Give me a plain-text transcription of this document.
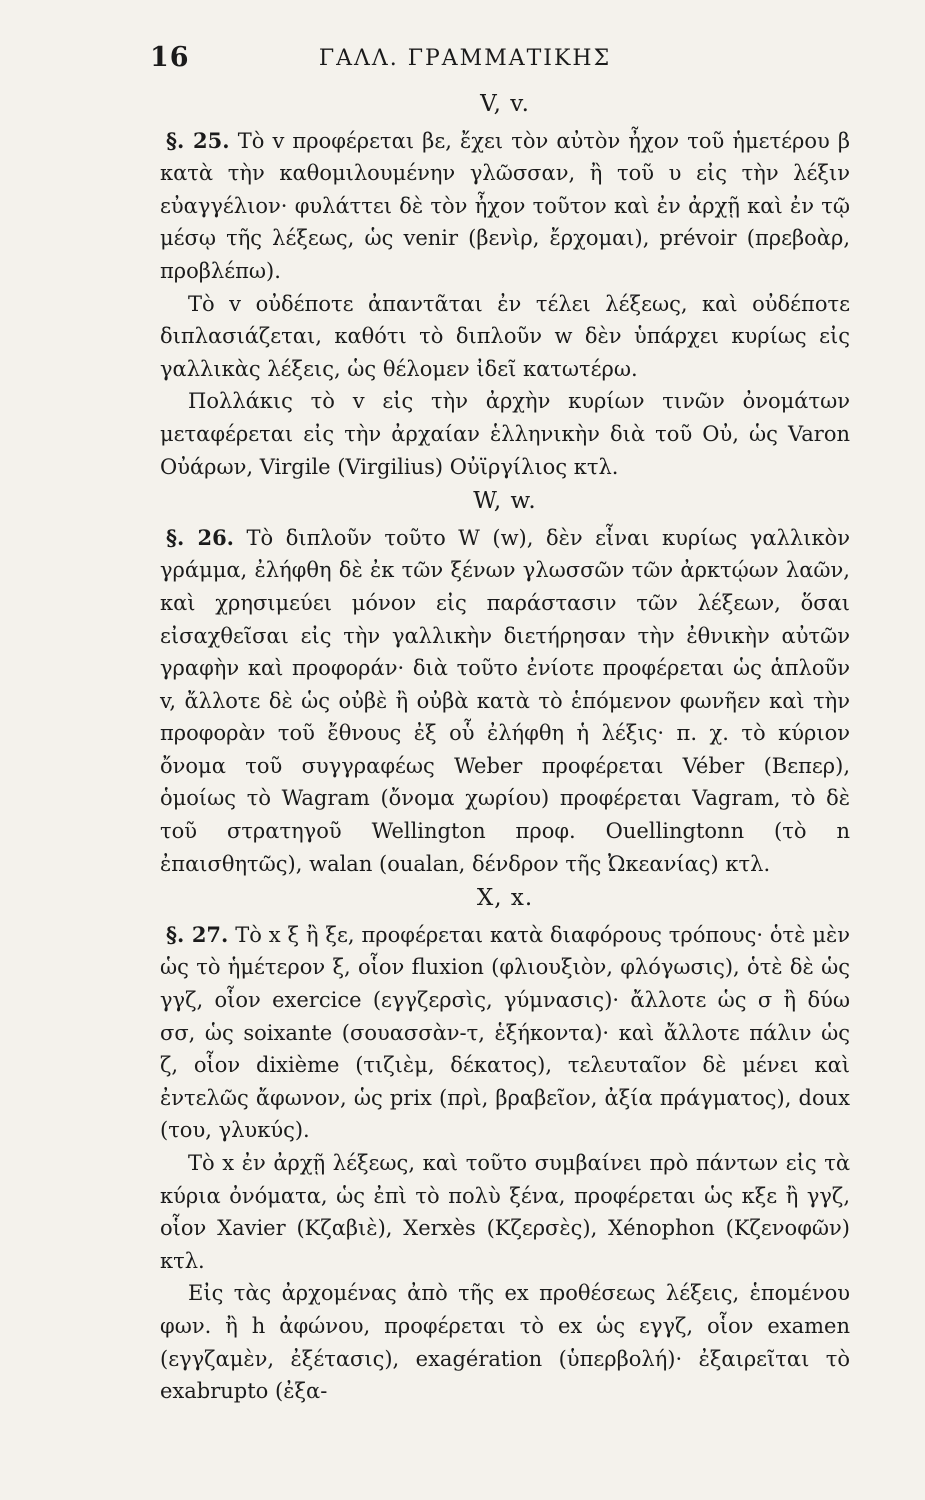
16	ΓΑΛΛ. ΓΡΑΜΜΑΤΙΚΗΣ
V, v.

§. 25. Τὸ v προφέρεται βε, ἔχει τὸν αὐτὸν ἦχον τοῦ ἡμετέρου β κατὰ τὴν καθομιλουμένην γλῶσσαν, ἢ τοῦ υ εἰς τὴν λέξιν εὐαγγέλιον· φυλάττει δὲ τὸν ἦχον τοῦτον καὶ ἐν ἀρχῇ καὶ ἐν τῷ μέσῳ τῆς λέξεως, ὡς venir (βενὶρ, ἔρχομαι), prévoir (πρεβοὰρ, προβλέπω).

Τὸ v οὐδέποτε ἀπαντᾶται ἐν τέλει λέξεως, καὶ οὐδέποτε διπλασιάζεται, καθότι τὸ διπλοῦν w δὲν ὑπάρχει κυρίως εἰς γαλλικὰς λέξεις, ὡς θέλομεν ἰδεῖ κατωτέρω.

Πολλάκις τὸ v εἰς τὴν ἀρχὴν κυρίων τινῶν ὀνομάτων μεταφέρεται εἰς τὴν ἀρχαίαν ἑλληνικὴν διὰ τοῦ Οὐ, ὡς Varon Οὐάρων, Virgile (Virgilius) Οὐϊργίλιος κτλ.

W, w.

§. 26. Τὸ διπλοῦν τοῦτο W (w), δὲν εἶναι κυρίως γαλλικὸν γράμμα, ἐλήφθη δὲ ἐκ τῶν ξένων γλωσσῶν τῶν ἀρκτῴων λαῶν, καὶ χρησιμεύει μόνον εἰς παράστασιν τῶν λέξεων, ὅσαι εἰσαχθεῖσαι εἰς τὴν γαλλικὴν διετήρησαν τὴν ἐθνικὴν αὐτῶν γραφὴν καὶ προφοράν· διὰ τοῦτο ἐνίοτε προφέρεται ὡς ἁπλοῦν v, ἄλλοτε δὲ ὡς οὐβὲ ἢ οὐβὰ κατὰ τὸ ἑπόμενον φωνῆεν καὶ τὴν προφορὰν τοῦ ἔθνους ἐξ οὗ ἐλήφθη ἡ λέξις· π. χ. τὸ κύριον ὄνομα τοῦ συγγραφέως Weber προφέρεται Véber (Βεπερ), ὁμοίως τὸ Wagram (ὄνομα χωρίου) προφέρεται Vagram, τὸ δὲ τοῦ στρατηγοῦ Wellington προφ. Ouellingtonn (τὸ n ἐπαισθητῶς), walan (oualan, δένδρον τῆς Ὠκεανίας) κτλ.

X, x.

§. 27. Τὸ x ξ ἢ ξε, προφέρεται κατὰ διαφόρους τρόπους· ὁτὲ μὲν ὡς τὸ ἡμέτερον ξ, οἷον fluxion (φλιουξιὸν, φλόγωσις), ὁτὲ δὲ ὡς γγζ, οἷον exercice (εγγζερσὶς, γύμνασις)· ἄλλοτε ὡς σ ἢ δύω σσ, ὡς soixante (σουασσὰν-τ, ἑξήκοντα)· καὶ ἄλλοτε πάλιν ὡς ζ, οἷον dixième (τιζιὲμ, δέκατος), τελευταῖον δὲ μένει καὶ ἐντελῶς ἄφωνον, ὡς prix (πρὶ, βραβεῖον, ἀξία πράγματος), doux (του, γλυκύς).

Τὸ x ἐν ἀρχῇ λέξεως, καὶ τοῦτο συμβαίνει πρὸ πάντων εἰς τὰ κύρια ὀνόματα, ὡς ἐπὶ τὸ πολὺ ξένα, προφέρεται ὡς κξε ἢ γγζ, οἷον Xavier (Κζαβιὲ), Xerxès (Κζερσὲς), Xénophon (Κζενοφῶν) κτλ.

Εἰς τὰς ἀρχομένας ἀπὸ τῆς ex προθέσεως λέξεις, ἑπομένου φων. ἢ h ἀφώνου, προφέρεται τὸ ex ὡς εγγζ, οἷον examen (εγγζαμὲν, ἐξέτασις), exagération (ὑπερβολή)· ἐξαιρεῖται τὸ exabrupto (ἐξα-
